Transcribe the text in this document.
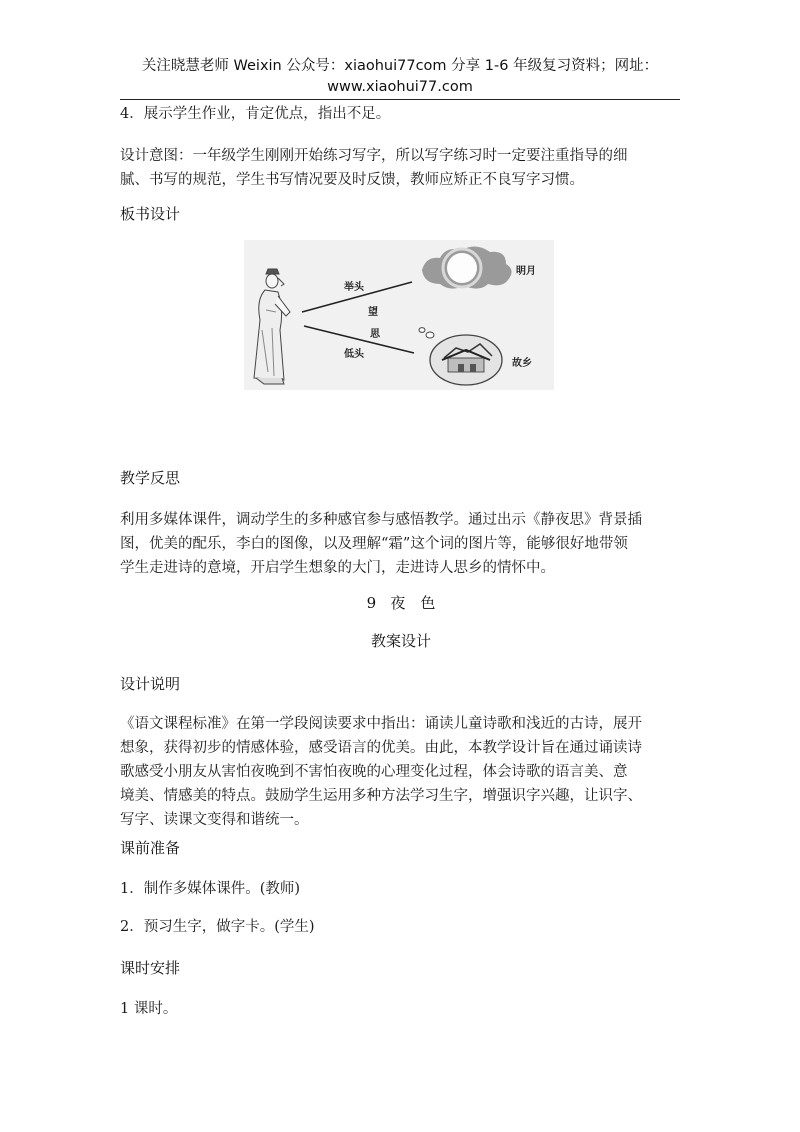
关注晓慧老师 Weixin 公众号：xiaohui77com 分享 1-6 年级复习资料；网址：
www.xiaohui77.com
4．展示学生作业，肯定优点，指出不足。
设计意图：一年级学生刚刚开始练习写字，所以写字练习时一定要注重指导的细
腻、书写的规范，学生书写情况要及时反馈，教师应矫正不良写字习惯。
板书设计
举头
望
明月
思
低头
故乡
教学反思
利用多媒体课件，调动学生的多种感官参与感悟教学。通过出示《静夜思》背景插
图，优美的配乐，李白的图像，以及理解“霜”这个词的图片等，能够很好地带领
学生走进诗的意境，开启学生想象的大门，走进诗人思乡的情怀中。
9 夜　色
教案设计
设计说明
《语文课程标准》在第一学段阅读要求中指出：诵读儿童诗歌和浅近的古诗，展开
想象，获得初步的情感体验，感受语言的优美。由此，本教学设计旨在通过诵读诗
歌感受小朋友从害怕夜晚到不害怕夜晚的心理变化过程，体会诗歌的语言美、意
境美、情感美的特点。鼓励学生运用多种方法学习生字，增强识字兴趣，让识字、
写字、读课文变得和谐统一。
课前准备
1．制作多媒体课件。(教师)
2．预习生字，做字卡。(学生)
课时安排
1 课时。
